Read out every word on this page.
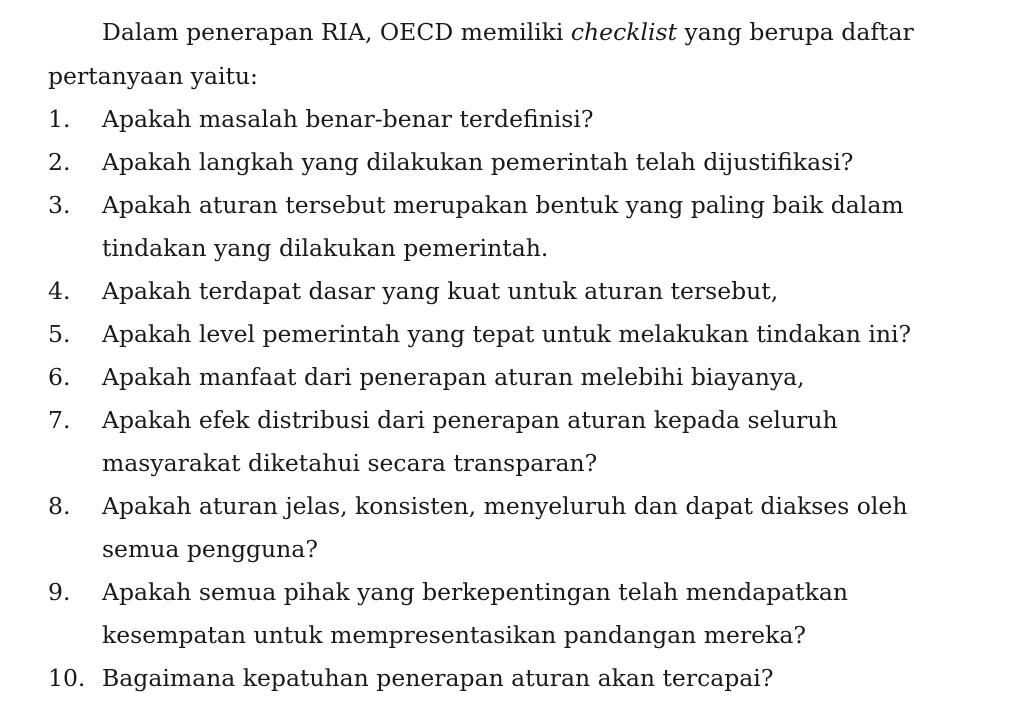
Dalam penerapan RIA, OECD memiliki checklist yang berupa daftar pertanyaan yaitu:

1. Apakah masalah benar-benar terdefinisi?
2. Apakah langkah yang dilakukan pemerintah telah dijustifikasi?
3. Apakah aturan tersebut merupakan bentuk yang paling baik dalam tindakan yang dilakukan pemerintah.
4. Apakah terdapat dasar yang kuat untuk aturan tersebut,
5. Apakah level pemerintah yang tepat untuk melakukan tindakan ini?
6. Apakah manfaat dari penerapan aturan melebihi biayanya,
7. Apakah efek distribusi dari penerapan aturan kepada seluruh masyarakat diketahui secara transparan?
8. Apakah aturan jelas, konsisten, menyeluruh dan dapat diakses oleh semua pengguna?
9. Apakah semua pihak yang berkepentingan telah mendapatkan kesempatan untuk mempresentasikan pandangan mereka?
10. Bagaimana kepatuhan penerapan aturan akan tercapai?
